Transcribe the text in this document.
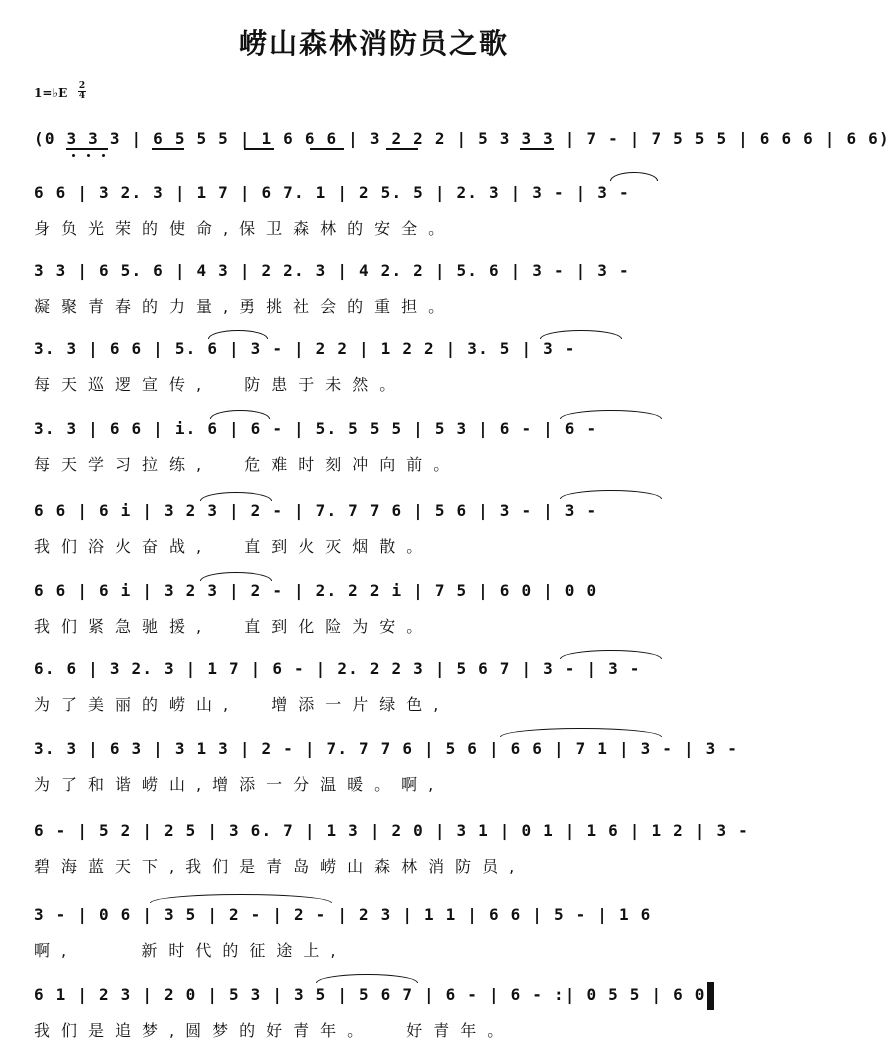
崂山森林消防员之歌
1=♭E 2
4
(0 3 3 3 | 6 5 5 5 | 1 6 6 6 | 3 2 2 2 | 5 3 3 3 | 7 - | 7 5 5 5 | 6 6 6 | 6 6)
6 6 | 3 2. 3 | 1 7 | 6 7. 1 | 2 5. 5 | 2. 3 | 3 - | 3 -
身负光荣的使命,保卫森林的安全。
3 3 | 6 5. 6 | 4 3 | 2 2. 3 | 4 2. 2 | 5. 6 | 3 - | 3 -
凝聚青春的力量,勇挑社会的重担。
3. 3 | 6 6 | 5. 6 | 3 - | 2 2 | 1 2 2 | 3. 5 | 3 -
每天巡逻宣传,  防患于未然。
3. 3 | 6 6 | i. 6 | 6 - | 5. 5 5 5 | 5 3 | 6 - | 6 -
每天学习拉练,  危难时刻冲向前。
6 6 | 6 i | 3 2 3 | 2 - | 7. 7 7 6 | 5 6 | 3 - | 3 -
我们浴火奋战,  直到火灭烟散。
6 6 | 6 i | 3 2 3 | 2 - | 2. 2 2 i | 7 5 | 6 0 | 0 0
我们紧急驰援,  直到化险为安。
6. 6 | 3 2. 3 | 1 7 | 6 - | 2. 2 2 3 | 5 6 7 | 3 - | 3 -
为了美丽的崂山,  增添一片绿色,
3. 3 | 6 3 | 3 1 3 | 2 - | 7. 7 7 6 | 5 6 | 6 6 | 7 1 | 3 - | 3 -
为了和谐崂山,增添一分温暖。啊,
6 - | 5 2 | 2 5 | 3 6. 7 | 1 3 | 2 0 | 3 1 | 0 1 | 1 6 | 1 2 | 3 -
碧海蓝天下,我们是青岛崂山森林消防员,
3 - | 0 6 | 3 5 | 2 - | 2 - | 2 3 | 1 1 | 6 6 | 5 - | 1 6
啊,    新时代的征途上,
6 1 | 2 3 | 2 0 | 5 3 | 3 5 | 5 6 7 | 6 - | 6 - :| 0 5 5 | 6 0
我们是追梦,圆梦的好青年。  好青年。
